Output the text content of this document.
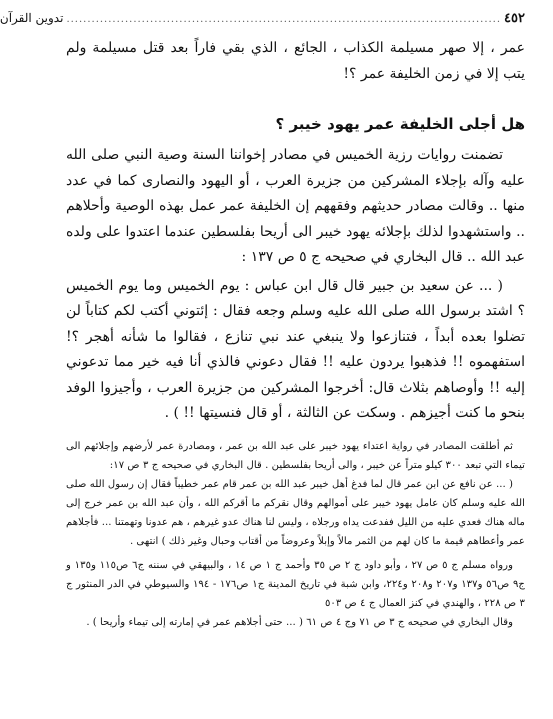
٤٥٢
........................................................................................................
تدوين القرآن

عمر ، إلا صهر مسيلمة الكذاب ، الجائع ، الذي بقي فاراً بعد قتل مسيلمة ولم يتب إلا في زمن الخليفة عمر ؟!

هل أجلى الخليفة عمر يهود خيبر ؟

تضمنت روايات رزية الخميس في مصادر إخواننا السنة وصية النبي صلى الله عليه وآله بإجلاء المشركين من جزيرة العرب ، أو اليهود والنصارى كما في عدد منها .. وقالت مصادر حديثهم وفقههم إن الخليفة عمر عمل بهذه الوصية وأحلاهم .. واستشهدوا لذلك بإجلائه يهود خيبر الى أريحا بفلسطين عندما اعتدوا على ولده عبد الله .. قال البخاري في صحيحه ج ٥ ص ١٣٧ :

( ... عن سعيد بن جبير قال قال ابن عباس : يوم الخميس وما يوم الخميس ؟ اشتد برسول الله صلى الله عليه وسلم وجعه فقال : إئتوني أكتب لكم كتاباً لن تضلوا بعده أبداً ، فتنازعوا ولا ينبغي عند نبي تنازع ، فقالوا ما شأنه أهجر ؟! استفهموه !! فذهبوا يردون عليه !! فقال دعوني فالذي أنا فيه خير مما تدعوني إليه !! وأوصاهم بثلاث قال: أخرجوا المشركين من جزيرة العرب ، وأجيزوا الوفد بنحو ما كنت أجيزهم . وسكت عن الثالثة ، أو قال فنسيتها !! ) .

ثم أطلقت المصادر في رواية اعتداء يهود خيبر على عبد الله بن عمر ، ومصادرة عمر لأرضهم وإجلائهم الى تيماء التي تبعد ٣٠٠ كيلو متراً عن خيبر ، والى أريحا بفلسطين . قال البخاري في صحيحه ج ٣ ص ١٧:

( ... عن نافع عن ابن عمر قال لما فدغ أهل خيبر عبد الله بن عمر قام عمر خطيباً فقال إن رسول الله صلى الله عليه وسلم كان عامل يهود خيبر على أموالهم وقال نقركم ما أقركم الله ، وأن عبد الله بن عمر خرج إلى ماله هناك فعدي عليه من الليل ففدعت يداه ورجلاه ، وليس لنا هناك عدو غيرهم ، هم عدونا وتهمتنا ... فأجلاهم عمر وأعطاهم قيمة ما كان لهم من الثمر مالاً وإبلاً وعروضاً من أقتاب وحبال وغير ذلك ) انتهى .

ورواه مسلم ج ٥ ص ٢٧ ، وأبو داود ج ٢ ص ٣٥ وأحمد ج ١ ص ١٤ ، والبيهقي في سننه ج٦ ص١١٥ و١٣٥ و ج٩ ص٥٦ و١٣٧ و٢٠٧ و٢٠٨ و٢٢٤، وابن شبة في تاريخ المدينة ج١ ص١٧٦ - ١٩٤ والسيوطي في الدر المنثور ج ٣ ص ٢٢٨ ، والهندي في كنز العمال ج ٤ ص ٥٠٣

وقال البخاري في صحيحه ج ٣ ص ٧١ وج ٤ ص ٦١ ( ... حتى أجلاهم عمر في إمارته إلى تيماء وأريحا ) .
